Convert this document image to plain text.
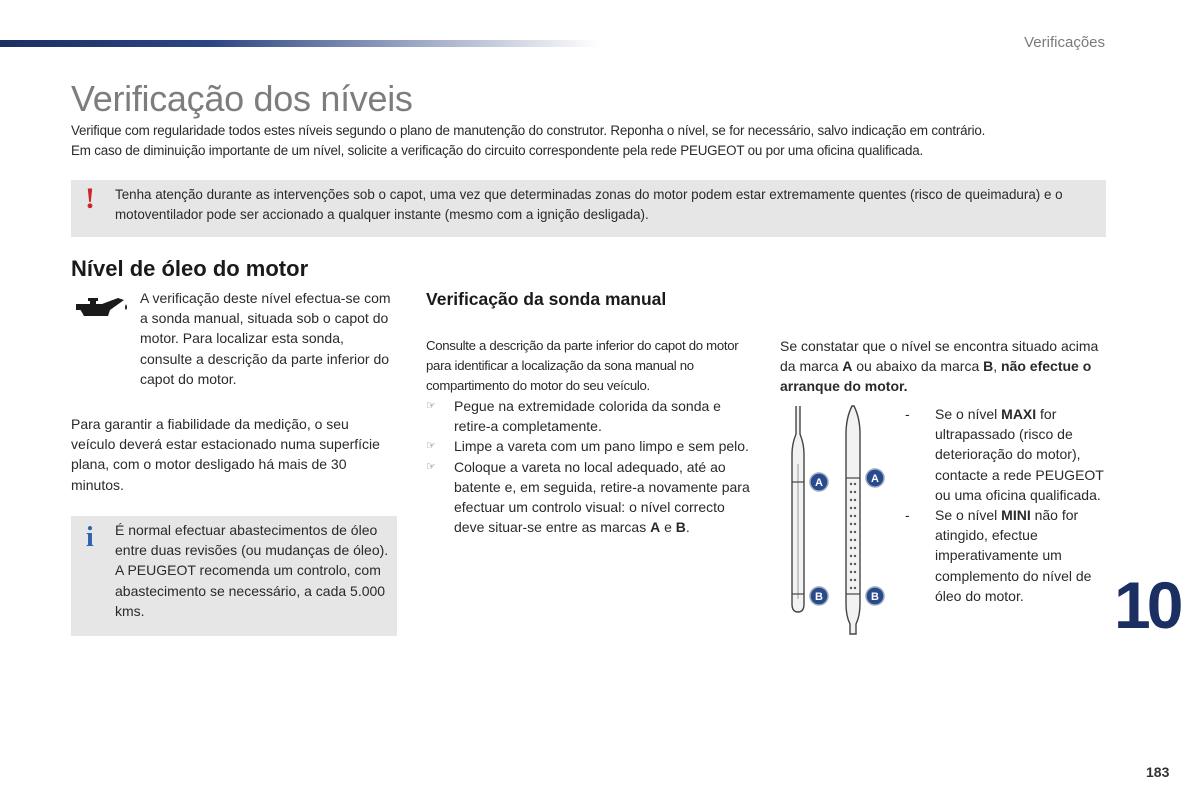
Verificações
Verificação dos níveis

Verifique com regularidade todos estes níveis segundo o plano de manutenção do construtor. Reponha o nível, se for necessário, salvo indicação em contrário.

Em caso de diminuição importante de um nível, solicite a verificação do circuito correspondente pela rede PEUGEOT ou por uma oficina qualificada.

! Tenha atenção durante as intervenções sob o capot, uma vez que determinadas zonas do motor podem estar extremamente quentes (risco de queimadura) e o motoventilador pode ser accionado a qualquer instante (mesmo com a ignição desligada).
Nível de óleo do motor
A verificação deste nível efectua-se com a sonda manual, situada sob o capot do motor. Para localizar esta sonda, consulte a descrição da parte inferior do capot do motor.

Para garantir a fiabilidade da medição, o seu veículo deverá estar estacionado numa superfície plana, com o motor desligado há mais de 30 minutos.

i É normal efectuar abastecimentos de óleo entre duas revisões (ou mudanças de óleo). A PEUGEOT recomenda um controlo, com abastecimento se necessário, a cada 5.000 kms.
Verificação da sonda manual

Consulte a descrição da parte inferior do capot do motor para identificar a localização da sona manual no compartimento do motor do seu veículo.

☞ Pegue na extremidade colorida da sonda e retire-a completamente.
☞ Limpe a vareta com um pano limpo e sem pelo.
☞ Coloque a vareta no local adequado, até ao batente e, em seguida, retire-a novamente para efectuar um controlo visual: o nível correcto deve situar-se entre as marcas A e B.

Se constatar que o nível se encontra situado acima da marca A ou abaixo da marca B, não efectue o arranque do motor.

A	A
B	B
- Se o nível MAXI for ultrapassado (risco de deterioração do motor), contacte a rede PEUGEOT ou uma oficina qualificada.
- Se o nível MINI não for atingido, efectue imperativamente um complemento do nível de óleo do motor.	10
183
